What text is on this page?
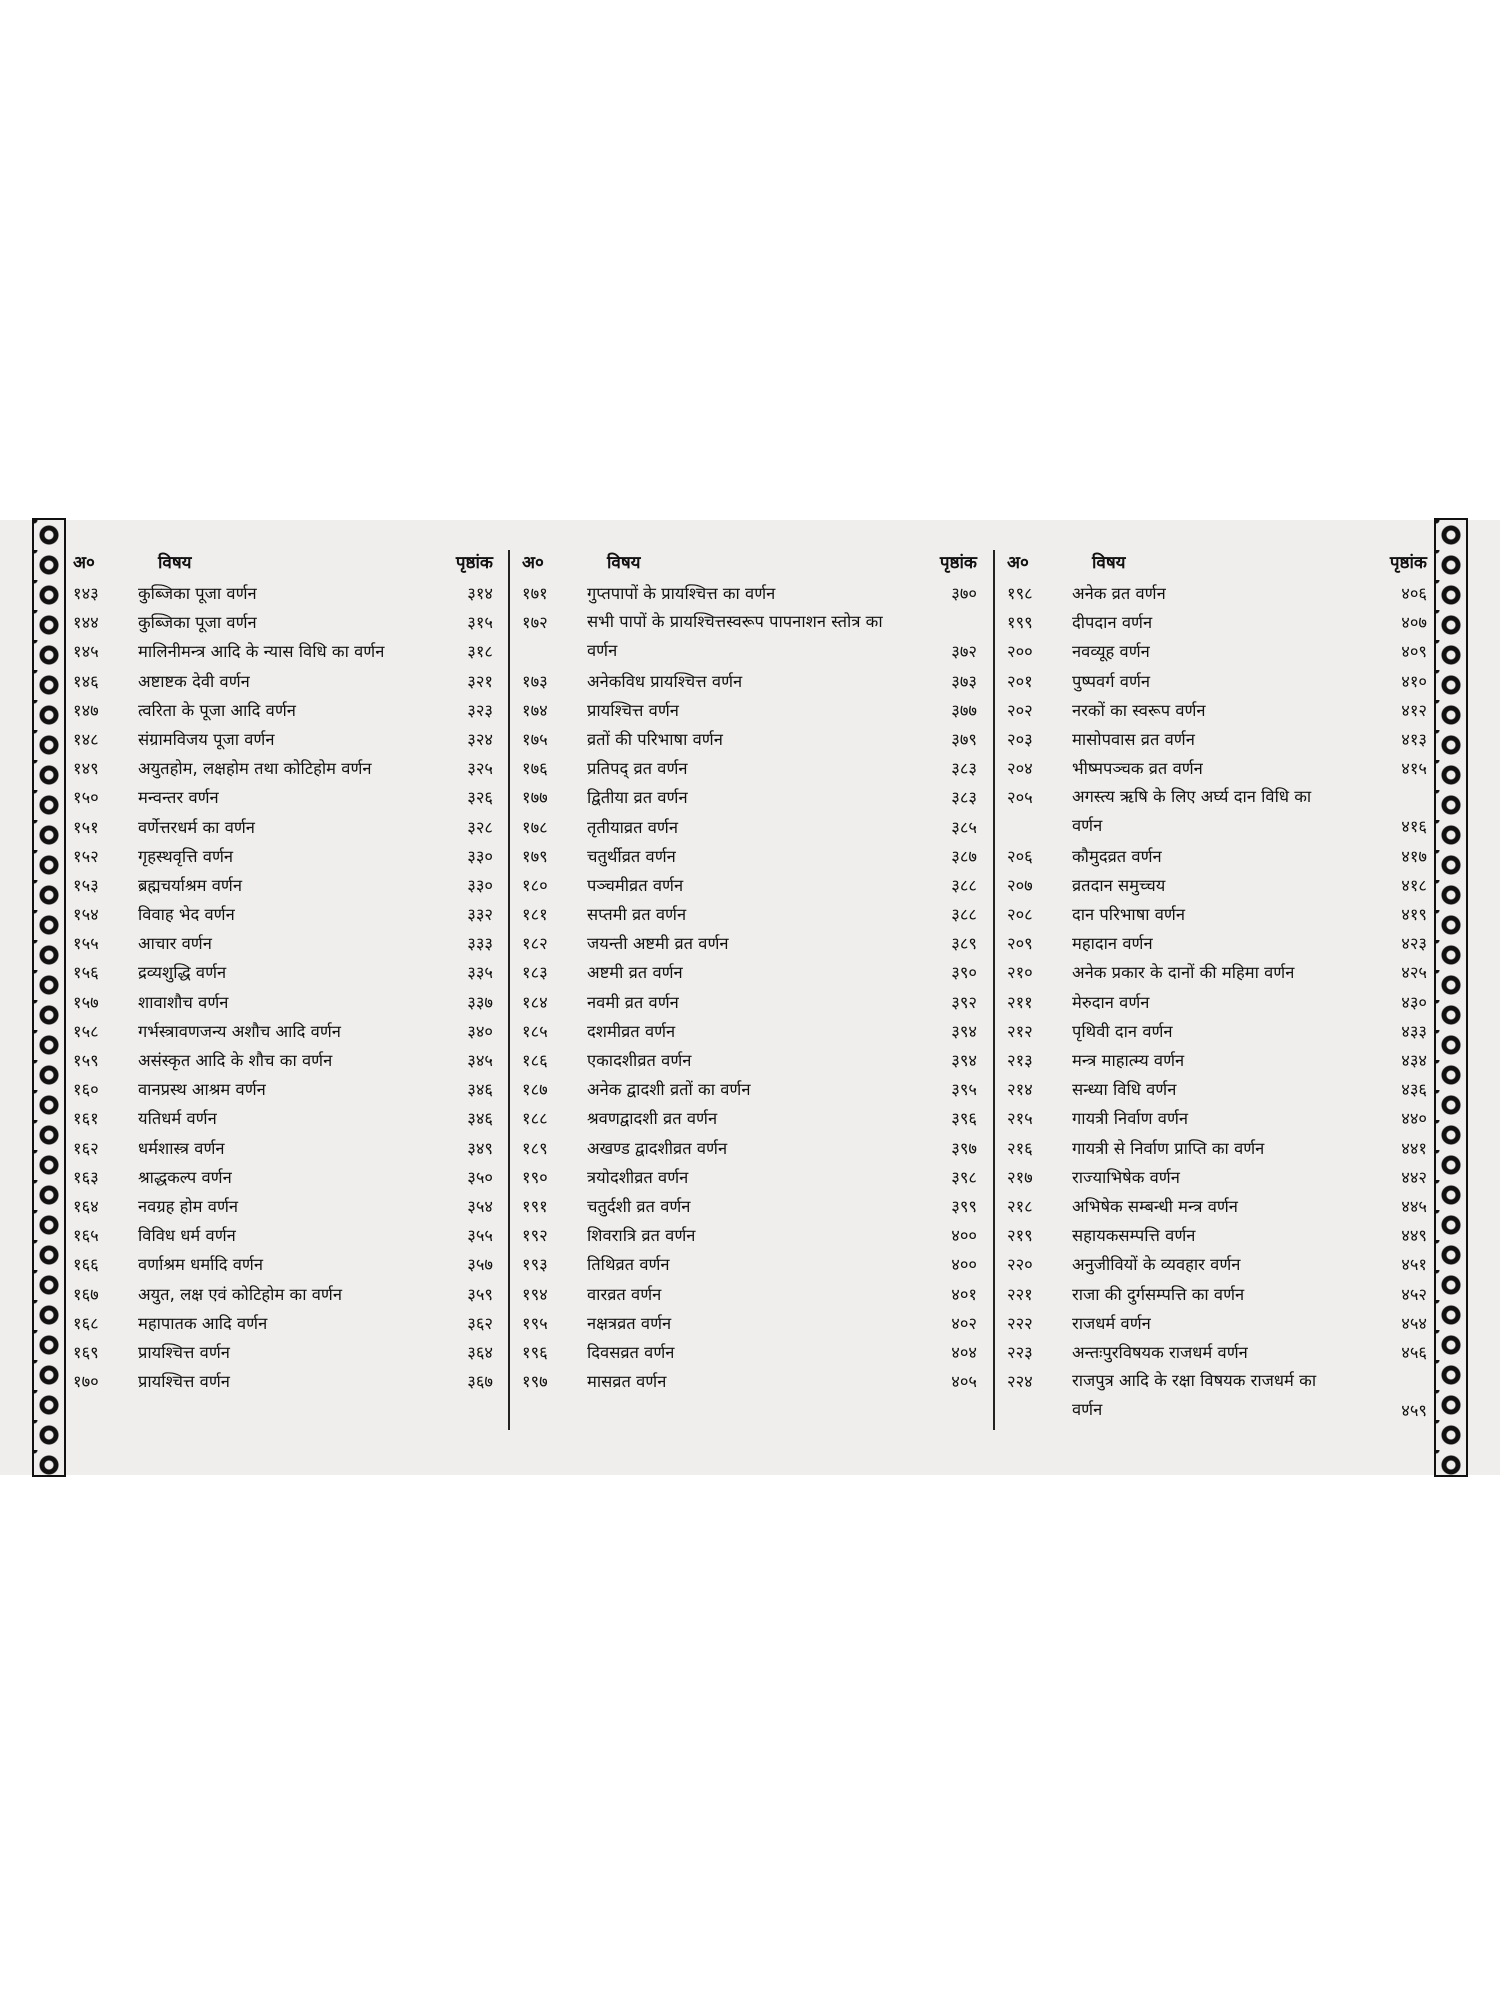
अ०	विषय	पृष्ठांक
१४३ कुब्जिका पूजा वर्णन	३१४
१४४ कुब्जिका पूजा वर्णन	३१५
१४५ मालिनीमन्त्र आदि के न्यास विधि का वर्णन	३१८
१४६ अष्टाष्टक देवी वर्णन	३२१
१४७ त्वरिता के पूजा आदि वर्णन	३२३
१४८ संग्रामविजय पूजा वर्णन	३२४
१४९ अयुतहोम, लक्षहोम तथा कोटिहोम वर्णन	३२५
१५० मन्वन्तर वर्णन	३२६
१५१ वर्णेत्तरधर्म का वर्णन	३२८
१५२ गृहस्थवृत्ति वर्णन	३३०
१५३ ब्रह्मचर्याश्रम वर्णन	३३०
१५४ विवाह भेद वर्णन	३३२
१५५ आचार वर्णन	३३३
१५६ द्रव्यशुद्धि वर्णन	३३५
१५७ शावाशौच वर्णन	३३७
१५८ गर्भस्त्रावणजन्य अशौच आदि वर्णन	३४०
१५९ असंस्कृत आदि के शौच का वर्णन	३४५
१६० वानप्रस्थ आश्रम वर्णन	३४६
१६१ यतिधर्म वर्णन	३४६
१६२ धर्मशास्त्र वर्णन	३४९
१६३ श्राद्धकल्प वर्णन	३५०
१६४ नवग्रह होम वर्णन	३५४
१६५ विविध धर्म वर्णन	३५५
१६६ वर्णाश्रम धर्मादि वर्णन	३५७
१६७ अयुत, लक्ष एवं कोटिहोम का वर्णन	३५९
१६८ महापातक आदि वर्णन	३६२
१६९ प्रायश्चित्त वर्णन	३६४
१७० प्रायश्चित्त वर्णन	३६७
अ०	विषय	पृष्ठांक
१७१ गुप्तपापों के प्रायश्चित्त का वर्णन	३७०
१७२ सभी पापों के प्रायश्चित्तस्वरूप पापनाशन स्तोत्र का वर्णन	३७२
१७३ अनेकविध प्रायश्चित्त वर्णन	३७३
१७४ प्रायश्चित्त वर्णन	३७७
१७५ व्रतों की परिभाषा वर्णन	३७९
१७६ प्रतिपद् व्रत वर्णन	३८३
१७७ द्वितीया व्रत वर्णन	३८३
१७८ तृतीयाव्रत वर्णन	३८५
१७९ चतुर्थीव्रत वर्णन	३८७
१८० पञ्चमीव्रत वर्णन	३८८
१८१ सप्तमी व्रत वर्णन	३८८
१८२ जयन्ती अष्टमी व्रत वर्णन	३८९
१८३ अष्टमी व्रत वर्णन	३९०
१८४ नवमी व्रत वर्णन	३९२
१८५ दशमीव्रत वर्णन	३९४
१८६ एकादशीव्रत वर्णन	३९४
१८७ अनेक द्वादशी व्रतों का वर्णन	३९५
१८८ श्रवणद्वादशी व्रत वर्णन	३९६
१८९ अखण्ड द्वादशीव्रत वर्णन	३९७
१९० त्रयोदशीव्रत वर्णन	३९८
१९१ चतुर्दशी व्रत वर्णन	३९९
१९२ शिवरात्रि व्रत वर्णन	४००
१९३ तिथिव्रत वर्णन	४००
१९४ वारव्रत वर्णन	४०१
१९५ नक्षत्रव्रत वर्णन	४०२
१९६ दिवसव्रत वर्णन	४०४
१९७ मासव्रत वर्णन	४०५
अ०	विषय	पृष्ठांक
१९८ अनेक व्रत वर्णन	४०६
१९९ दीपदान वर्णन	४०७
२०० नवव्यूह वर्णन	४०९
२०१ पुष्पवर्ग वर्णन	४१०
२०२ नरकों का स्वरूप वर्णन	४१२
२०३ मासोपवास व्रत वर्णन	४१३
२०४ भीष्मपञ्चक व्रत वर्णन	४१५
२०५ अगस्त्य ऋषि के लिए अर्घ्य दान विधि का वर्णन	४१६
२०६ कौमुदव्रत वर्णन	४१७
२०७ व्रतदान समुच्चय	४१८
२०८ दान परिभाषा वर्णन	४१९
२०९ महादान वर्णन	४२३
२१० अनेक प्रकार के दानों की महिमा वर्णन	४२५
२११ मेरुदान वर्णन	४३०
२१२ पृथिवी दान वर्णन	४३३
२१३ मन्त्र माहात्म्य वर्णन	४३४
२१४ सन्ध्या विधि वर्णन	४३६
२१५ गायत्री निर्वाण वर्णन	४४०
२१६ गायत्री से निर्वाण प्राप्ति का वर्णन	४४१
२१७ राज्याभिषेक वर्णन	४४२
२१८ अभिषेक सम्बन्धी मन्त्र वर्णन	४४५
२१९ सहायकसम्पत्ति वर्णन	४४९
२२० अनुजीवियों के व्यवहार वर्णन	४५१
२२१ राजा की दुर्गसम्पत्ति का वर्णन	४५२
२२२ राजधर्म वर्णन	४५४
२२३ अन्तःपुरविषयक राजधर्म वर्णन	४५६
२२४ राजपुत्र आदि के रक्षा विषयक राजधर्म का वर्णन	४५९
